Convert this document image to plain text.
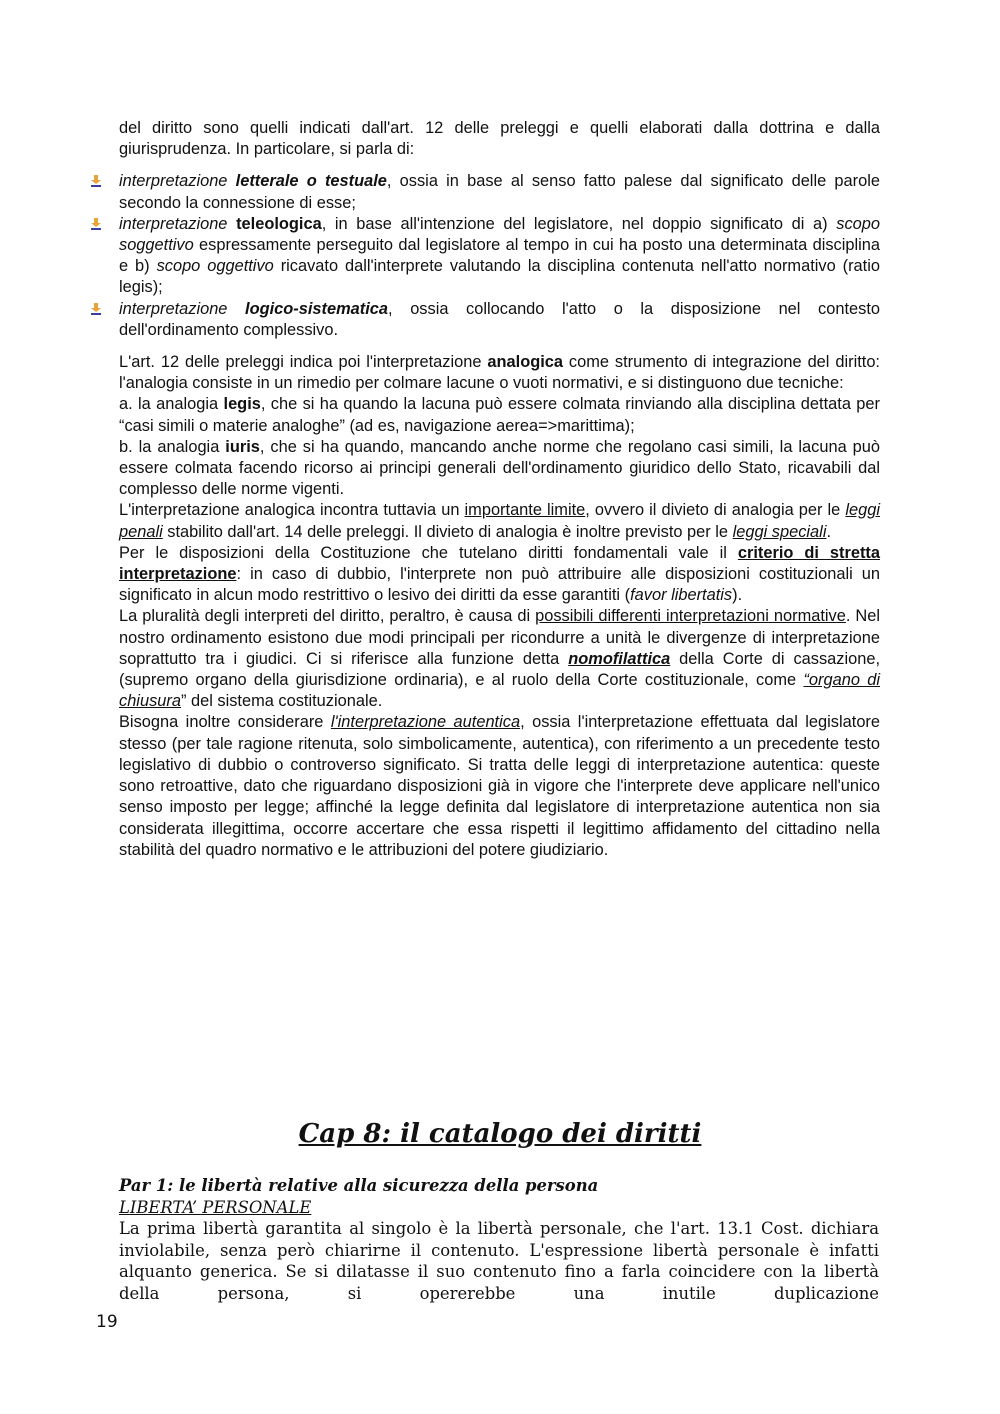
del diritto sono quelli indicati dall'art. 12 delle preleggi e quelli elaborati dalla dottrina e dalla giurisprudenza. In particolare, si parla di:

interpretazione letterale o testuale, ossia in base al senso fatto palese dal significato delle parole secondo la connessione di esse;
interpretazione teleologica, in base all'intenzione del legislatore, nel doppio significato di a) scopo soggettivo espressamente perseguito dal legislatore al tempo in cui ha posto una determinata disciplina e b) scopo oggettivo ricavato dall'interprete valutando la disciplina contenuta nell'atto normativo (ratio legis);
interpretazione logico-sistematica, ossia collocando l'atto o la disposizione nel contesto dell'ordinamento complessivo.

L'art. 12 delle preleggi indica poi l'interpretazione analogica come strumento di integrazione del diritto: l'analogia consiste in un rimedio per colmare lacune o vuoti normativi, e si distinguono due tecniche:

a. la analogia legis, che si ha quando la lacuna può essere colmata rinviando alla disciplina dettata per “casi simili o materie analoghe” (ad es, navigazione aerea=>marittima);

b. la analogia iuris, che si ha quando, mancando anche norme che regolano casi simili, la lacuna può essere colmata facendo ricorso ai principi generali dell'ordinamento giuridico dello Stato, ricavabili dal complesso delle norme vigenti.

L'interpretazione analogica incontra tuttavia un importante limite, ovvero il divieto di analogia per le leggi penali stabilito dall'art. 14 delle preleggi. Il divieto di analogia è inoltre previsto per le leggi speciali.

Per le disposizioni della Costituzione che tutelano diritti fondamentali vale il criterio di stretta interpretazione: in caso di dubbio, l'interprete non può attribuire alle disposizioni costituzionali un significato in alcun modo restrittivo o lesivo dei diritti da esse garantiti (favor libertatis).

La pluralità degli interpreti del diritto, peraltro, è causa di possibili differenti interpretazioni normative. Nel nostro ordinamento esistono due modi principali per ricondurre a unità le divergenze di interpretazione soprattutto tra i giudici. Ci si riferisce alla funzione detta nomofilattica della Corte di cassazione, (supremo organo della giurisdizione ordinaria), e al ruolo della Corte costituzionale, come “organo di chiusura” del sistema costituzionale.

Bisogna inoltre considerare l'interpretazione autentica, ossia l'interpretazione effettuata dal legislatore stesso (per tale ragione ritenuta, solo simbolicamente, autentica), con riferimento a un precedente testo legislativo di dubbio o controverso significato. Si tratta delle leggi di interpretazione autentica: queste sono retroattive, dato che riguardano disposizioni già in vigore che l'interprete deve applicare nell'unico senso imposto per legge; affinché la legge definita dal legislatore di interpretazione autentica non sia considerata illegittima, occorre accertare che essa rispetti il legittimo affidamento del cittadino nella stabilità del quadro normativo e le attribuzioni del potere giudiziario.

Cap 8: il catalogo dei diritti

Par 1: le libertà relative alla sicurezza della persona

LIBERTA’ PERSONALE

La prima libertà garantita al singolo è la libertà personale, che l'art. 13.1 Cost. dichiara inviolabile, senza però chiarirne il contenuto. L'espressione libertà personale è infatti alquanto generica. Se si dilatasse il suo contenuto fino a farla coincidere con la libertà della persona, si opererebbe una inutile duplicazione

19
